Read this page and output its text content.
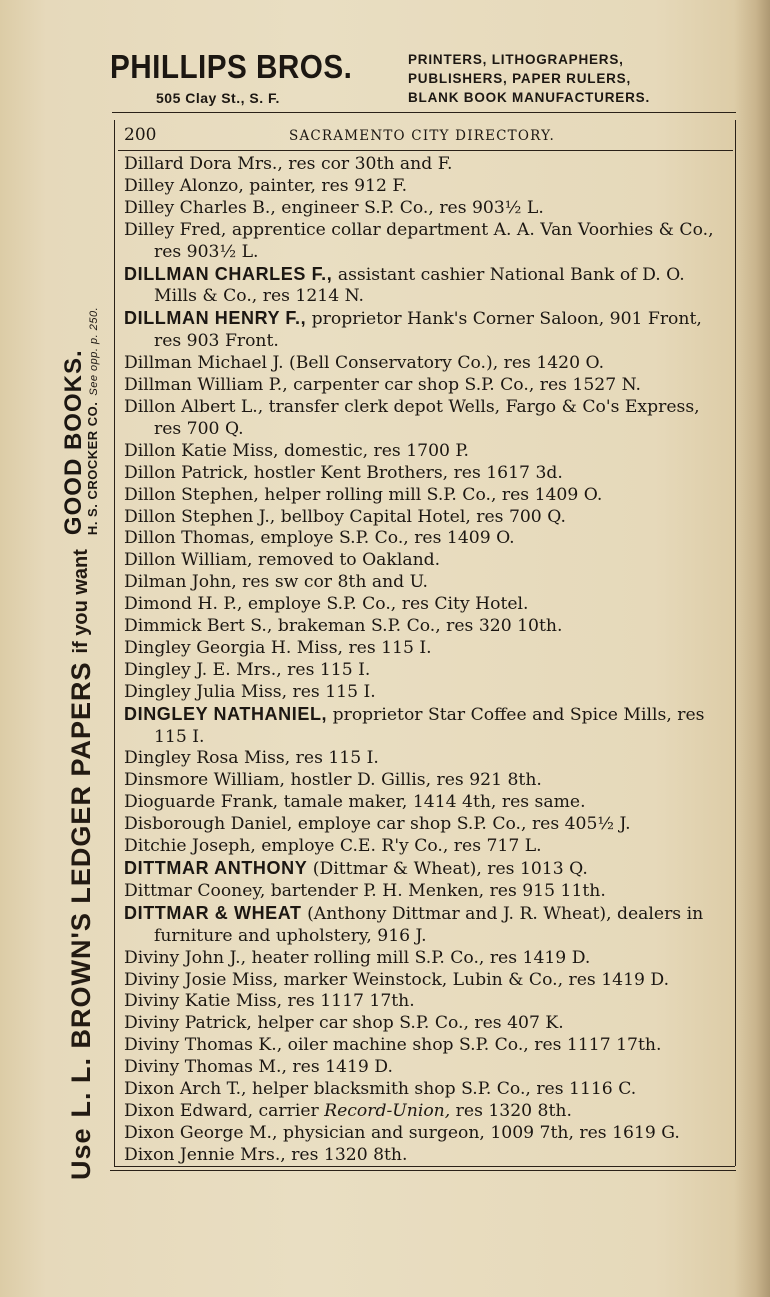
Use
L. L. BROWN'S LEDGER PAPERS
if you want
GOOD BOOKS.
H. S. CROCKER CO.See opp. p. 250.
PHILLIPS BROS.
505 Clay St., S. F.
PRINTERS, LITHOGRAPHERS,
PUBLISHERS, PAPER RULERS,
BLANK BOOK MANUFACTURERS.
200	SACRAMENTO CITY DIRECTORY.
Dillard Dora Mrs., res cor 30th and F.
Dilley Alonzo, painter, res 912 F.
Dilley Charles B., engineer S.P. Co., res 903½ L.
Dilley Fred, apprentice collar department A. A. Van Voorhies & Co., res 903½ L.
DILLMAN CHARLES F., assistant cashier National Bank of D. O. Mills & Co., res 1214 N.
DILLMAN HENRY F., proprietor Hank's Corner Saloon, 901 Front, res 903 Front.
Dillman Michael J. (Bell Conservatory Co.), res 1420 O.
Dillman William P., carpenter car shop S.P. Co., res 1527 N.
Dillon Albert L., transfer clerk depot Wells, Fargo & Co's Express, res 700 Q.
Dillon Katie Miss, domestic, res 1700 P.
Dillon Patrick, hostler Kent Brothers, res 1617 3d.
Dillon Stephen, helper rolling mill S.P. Co., res 1409 O.
Dillon Stephen J., bellboy Capital Hotel, res 700 Q.
Dillon Thomas, employe S.P. Co., res 1409 O.
Dillon William, removed to Oakland.
Dilman John, res sw cor 8th and U.
Dimond H. P., employe S.P. Co., res City Hotel.
Dimmick Bert S., brakeman S.P. Co., res 320 10th.
Dingley Georgia H. Miss, res 115 I.
Dingley J. E. Mrs., res 115 I.
Dingley Julia Miss, res 115 I.
DINGLEY NATHANIEL, proprietor Star Coffee and Spice Mills, res 115 I.
Dingley Rosa Miss, res 115 I.
Dinsmore William, hostler D. Gillis, res 921 8th.
Dioguarde Frank, tamale maker, 1414 4th, res same.
Disborough Daniel, employe car shop S.P. Co., res 405½ J.
Ditchie Joseph, employe C.E. R'y Co., res 717 L.
DITTMAR ANTHONY (Dittmar & Wheat), res 1013 Q.
Dittmar Cooney, bartender P. H. Menken, res 915 11th.
DITTMAR & WHEAT (Anthony Dittmar and J. R. Wheat), dealers in furniture and upholstery, 916 J.
Diviny John J., heater rolling mill S.P. Co., res 1419 D.
Diviny Josie Miss, marker Weinstock, Lubin & Co., res 1419 D.
Diviny Katie Miss, res 1117 17th.
Diviny Patrick, helper car shop S.P. Co., res 407 K.
Diviny Thomas K., oiler machine shop S.P. Co., res 1117 17th.
Diviny Thomas M., res 1419 D.
Dixon Arch T., helper blacksmith shop S.P. Co., res 1116 C.
Dixon Edward, carrier Record-Union, res 1320 8th.
Dixon George M., physician and surgeon, 1009 7th, res 1619 G.
Dixon Jennie Mrs., res 1320 8th.
